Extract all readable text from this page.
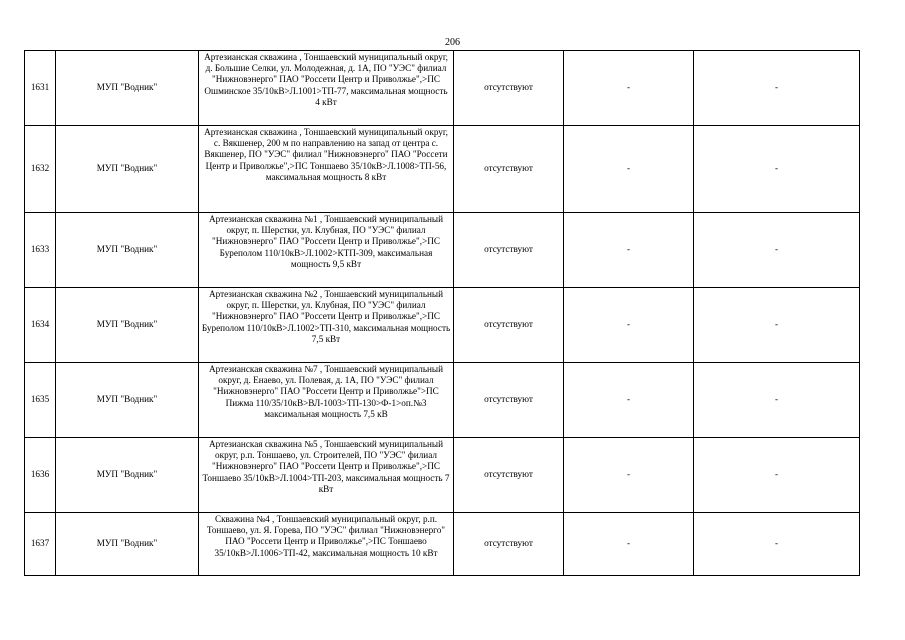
206
1631	МУП "Водник"	Артезианская скважина , Тоншаевский муниципальный округ, д. Большие Селки, ул. Молодежная, д. 1А, ПО "УЭС" филиал "Нижновэнерго" ПАО "Россети Центр и Приволжье",>ПС Ошминское 35/10кВ>Л.1001>ТП-77, максимальная мощность 4 кВт	отсутствуют	-	-
1632	МУП "Водник"	Артезианская скважина , Тоншаевский муниципальный округ, с. Вякшенер, 200 м по направлению на запад от центра с. Вякшенер, ПО "УЭС" филиал "Нижновэнерго" ПАО "Россети Центр и Приволжье",>ПС Тоншаево 35/10кВ>Л.1008>ТП-56, максимальная мощность 8 кВт	отсутствуют	-	-
1633	МУП "Водник"	Артезианская скважина №1 , Тоншаевский муниципальный округ, п. Шерстки, ул. Клубная, ПО "УЭС" филиал "Нижновэнерго" ПАО "Россети Центр и Приволжье",>ПС Буреполом 110/10кВ>Л.1002>КТП-309, максимальная мощность 9,5 кВт	отсутствуют	-	-
1634	МУП "Водник"	Артезианская скважина №2 , Тоншаевский муниципальный округ, п. Шерстки, ул. Клубная, ПО "УЭС" филиал "Нижновэнерго" ПАО "Россети Центр и Приволжье",>ПС Буреполом 110/10кВ>Л.1002>ТП-310, максимальная мощность 7,5 кВт	отсутствуют	-	-
1635	МУП "Водник"	Артезианская скважина №7 , Тоншаевский муниципальный округ, д. Енаево, ул. Полевая, д. 1А, ПО "УЭС" филиал "Нижновэнерго" ПАО "Россети Центр и Приволжье">ПС Пижма 110/35/10кВ>ВЛ-1003>ТП-130>Ф-1>оп.№3 максимальная мощность 7,5 кВ	отсутствуют	-	-
1636	МУП "Водник"	Артезианская скважина №5 , Тоншаевский муниципальный округ, р.п. Тоншаево, ул. Строителей, ПО "УЭС" филиал "Нижновэнерго" ПАО "Россети Центр и Приволжье",>ПС Тоншаево 35/10кВ>Л.1004>ТП-203, максимальная мощность 7 кВт	отсутствуют	-	-
1637	МУП "Водник"	Скважина №4 , Тоншаевский муниципальный округ, р.п. Тоншаево, ул. Я. Горева, ПО "УЭС" филиал "Нижновэнерго" ПАО "Россети Центр и Приволжье",>ПС Тоншаево 35/10кВ>Л.1006>ТП-42, максимальная мощность 10 кВт	отсутствуют	-	-
